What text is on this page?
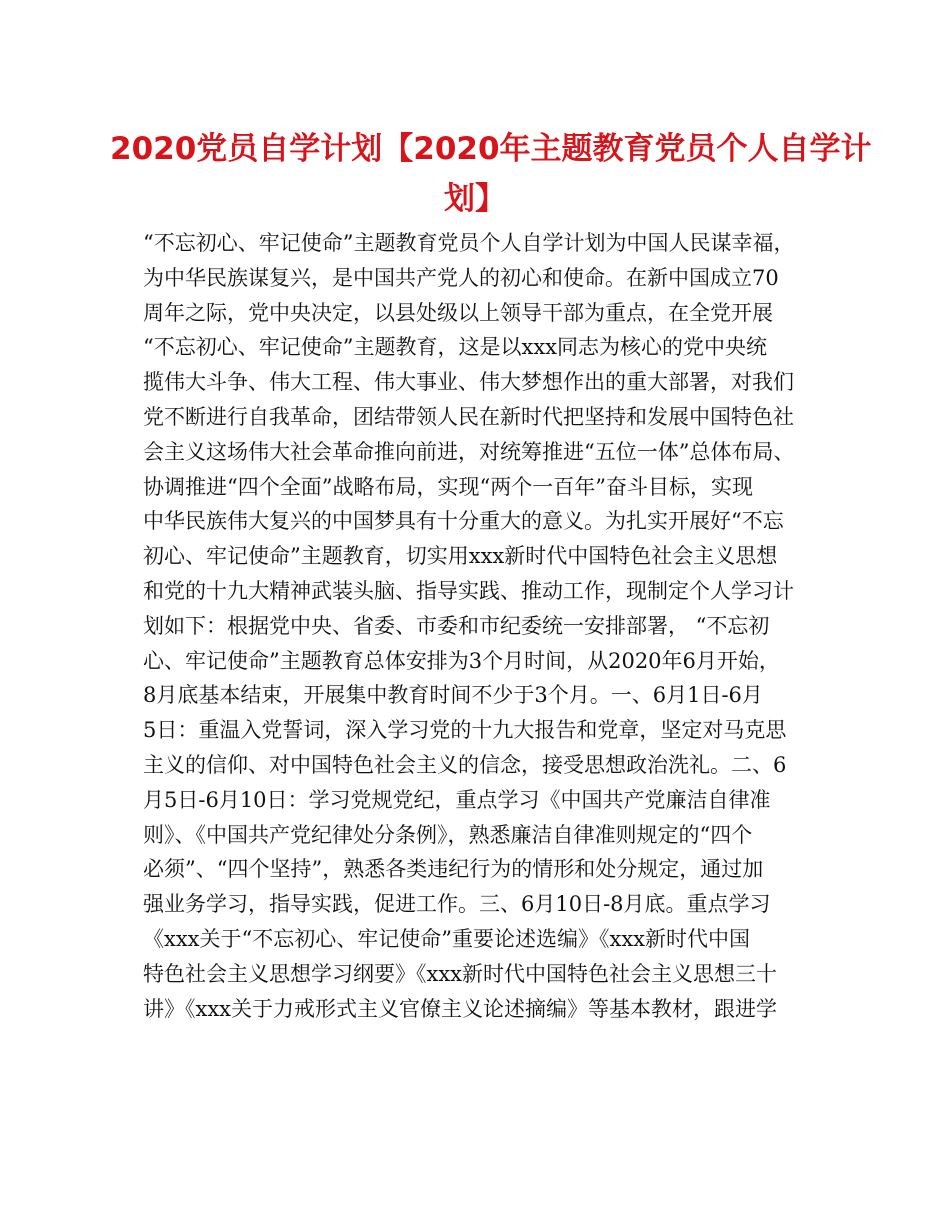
2020党员自学计划【2020年主题教育党员个人自学计
划】
“不忘初心、牢记使命”主题教育党员个人自学计划为中国人民谋幸福，
为中华民族谋复兴，是中国共产党人的初心和使命。在新中国成立70
周年之际，党中央决定，以县处级以上领导干部为重点，在全党开展
“不忘初心、牢记使命”主题教育，这是以xxx同志为核心的党中央统
揽伟大斗争、伟大工程、伟大事业、伟大梦想作出的重大部署，对我们
党不断进行自我革命，团结带领人民在新时代把坚持和发展中国特色社
会主义这场伟大社会革命推向前进，对统筹推进“五位一体”总体布局、
协调推进“四个全面”战略布局，实现“两个一百年”奋斗目标，实现
中华民族伟大复兴的中国梦具有十分重大的意义。为扎实开展好“不忘
初心、牢记使命”主题教育，切实用xxx新时代中国特色社会主义思想
和党的十九大精神武装头脑、指导实践、推动工作，现制定个人学习计
划如下：根据党中央、省委、市委和市纪委统一安排部署， “不忘初
心、牢记使命”主题教育总体安排为3个月时间，从2020年6月开始，
8月底基本结束，开展集中教育时间不少于3个月。一、6月1日-6月
5日：重温入党誓词，深入学习党的十九大报告和党章，坚定对马克思
主义的信仰、对中国特色社会主义的信念，接受思想政治洗礼。二、6
月5日-6月10日：学习党规党纪，重点学习《中国共产党廉洁自律准
则》、《中国共产党纪律处分条例》，熟悉廉洁自律准则规定的“四个
必须”、“四个坚持”，熟悉各类违纪行为的情形和处分规定，通过加
强业务学习，指导实践，促进工作。三、6月10日-8月底。重点学习
《xxx关于“不忘初心、牢记使命”重要论述选编》《xxx新时代中国
特色社会主义思想学习纲要》《xxx新时代中国特色社会主义思想三十
讲》《xxx关于力戒形式主义官僚主义论述摘编》等基本教材，跟进学
